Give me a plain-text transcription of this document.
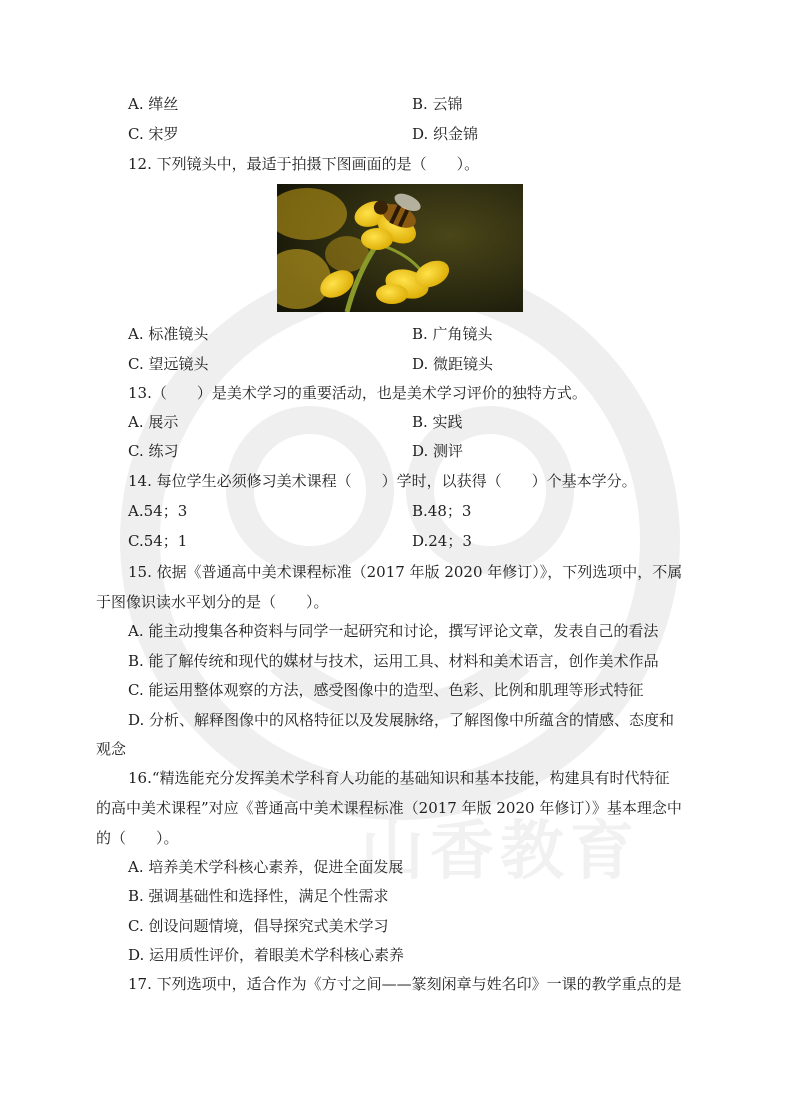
山香教育
A. 缂丝	B. 云锦
C. 宋罗	D. 织金锦
12. 下列镜头中，最适于拍摄下图画面的是（　　）。
A. 标准镜头	B. 广角镜头
C. 望远镜头	D. 微距镜头
13.（　　）是美术学习的重要活动，也是美术学习评价的独特方式。
A. 展示	B. 实践
C. 练习	D. 测评
14. 每位学生必须修习美术课程（　　）学时，以获得（　　）个基本学分。
A.54；3	B.48；3
C.54；1	D.24；3
15. 依据《普通高中美术课程标准（2017 年版 2020 年修订）》，下列选项中，不属
于图像识读水平划分的是（　　）。
A. 能主动搜集各种资料与同学一起研究和讨论，撰写评论文章，发表自己的看法
B. 能了解传统和现代的媒材与技术，运用工具、材料和美术语言，创作美术作品
C. 能运用整体观察的方法，感受图像中的造型、色彩、比例和肌理等形式特征
D. 分析、解释图像中的风格特征以及发展脉络，了解图像中所蕴含的情感、态度和
观念
16.“精选能充分发挥美术学科育人功能的基础知识和基本技能，构建具有时代特征
的高中美术课程”对应《普通高中美术课程标准（2017 年版 2020 年修订）》基本理念中
的（　　）。
A. 培养美术学科核心素养，促进全面发展
B. 强调基础性和选择性，满足个性需求
C. 创设问题情境，倡导探究式美术学习
D. 运用质性评价，着眼美术学科核心素养
17. 下列选项中，适合作为《方寸之间——篆刻闲章与姓名印》一课的教学重点的是
